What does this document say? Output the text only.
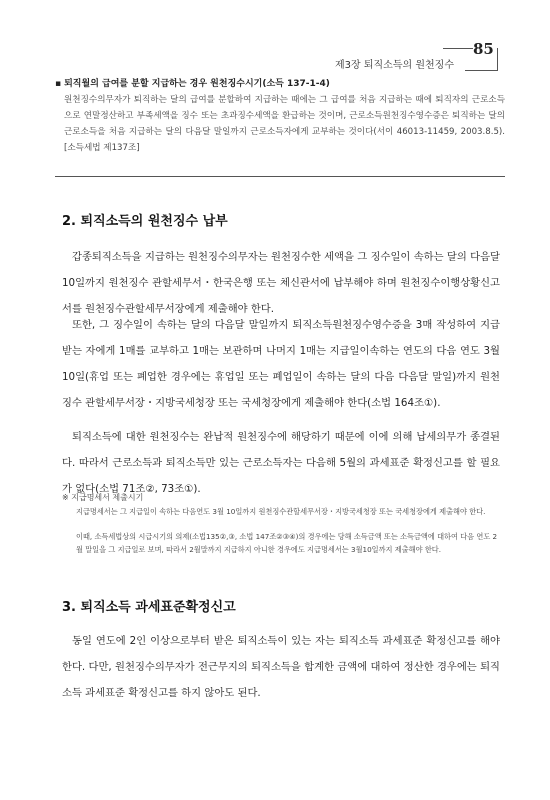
제3장 퇴직소득의 원천징수
85

▪ 퇴직월의 급여를 분할 지급하는 경우 원천징수시기(소득 137-1-4)

원천징수의무자가 퇴직하는 달의 급여를 분할하여 지급하는 때에는 그 급여를 처음 지급하는 때에 퇴직자의 근로소득으로 연말정산하고 부족세액을 징수 또는 초과징수세액을 환급하는 것이며, 근로소득원천징수영수증은 퇴직하는 달의 근로소득을 처음 지급하는 달의 다음달 말일까지 근로소득자에게 교부하는 것이다(서이 46013-11459, 2003.8.5). [소득세법 제137조]

2. 퇴직소득의 원천징수 납부

갑종퇴직소득을 지급하는 원천징수의무자는 원천징수한 세액을 그 징수일이 속하는 달의 다음달 10일까지 원천징수 관할세무서・한국은행 또는 체신관서에 납부해야 하며 원천징수이행상황신고서를 원천징수관할세무서장에게 제출해야 한다.

또한, 그 징수일이 속하는 달의 다음달 말일까지 퇴직소득원천징수영수증을 3매 작성하여 지급받는 자에게 1매를 교부하고 1매는 보관하며 나머지 1매는 지급일이속하는 연도의 다음 연도 3월 10일(휴업 또는 폐업한 경우에는 휴업일 또는 폐업일이 속하는 달의 다음 다음달 말일)까지 원천징수 관할세무서장・지방국세청장 또는 국세청장에게 제출해야 한다(소법 164조①).

퇴직소득에 대한 원천징수는 완납적 원천징수에 해당하기 때문에 이에 의해 납세의무가 종결된다. 따라서 근로소득과 퇴직소득만 있는 근로소득자는 다음해 5월의 과세표준 확정신고를 할 필요가 없다(소법 71조②, 73조①).

※ 지급명세서 제출시기

지급명세서는 그 지급일이 속하는 다음연도 3월 10일까지 원천징수관할세무서장・지방국세청장 또는 국세청장에게 제출해야 한다.

이때, 소득세법상의 시급시기의 의제(소법135②,③, 소법 147조②③④)의 경우에는 당해 소득금액 또는 소득금액에 대하여 다음 연도 2월 말일을 그 지급일로 보며, 따라서 2월말까지 지급하지 아니한 경우에도 지급명세서는 3월10일까지 제출해야 한다.

3. 퇴직소득 과세표준확정신고

동일 연도에 2인 이상으로부터 받은 퇴직소득이 있는 자는 퇴직소득 과세표준 확정신고를 해야 한다. 다만, 원천징수의무자가 전근무지의 퇴직소득을 합계한 금액에 대하여 정산한 경우에는 퇴직소득 과세표준 확정신고를 하지 않아도 된다.
